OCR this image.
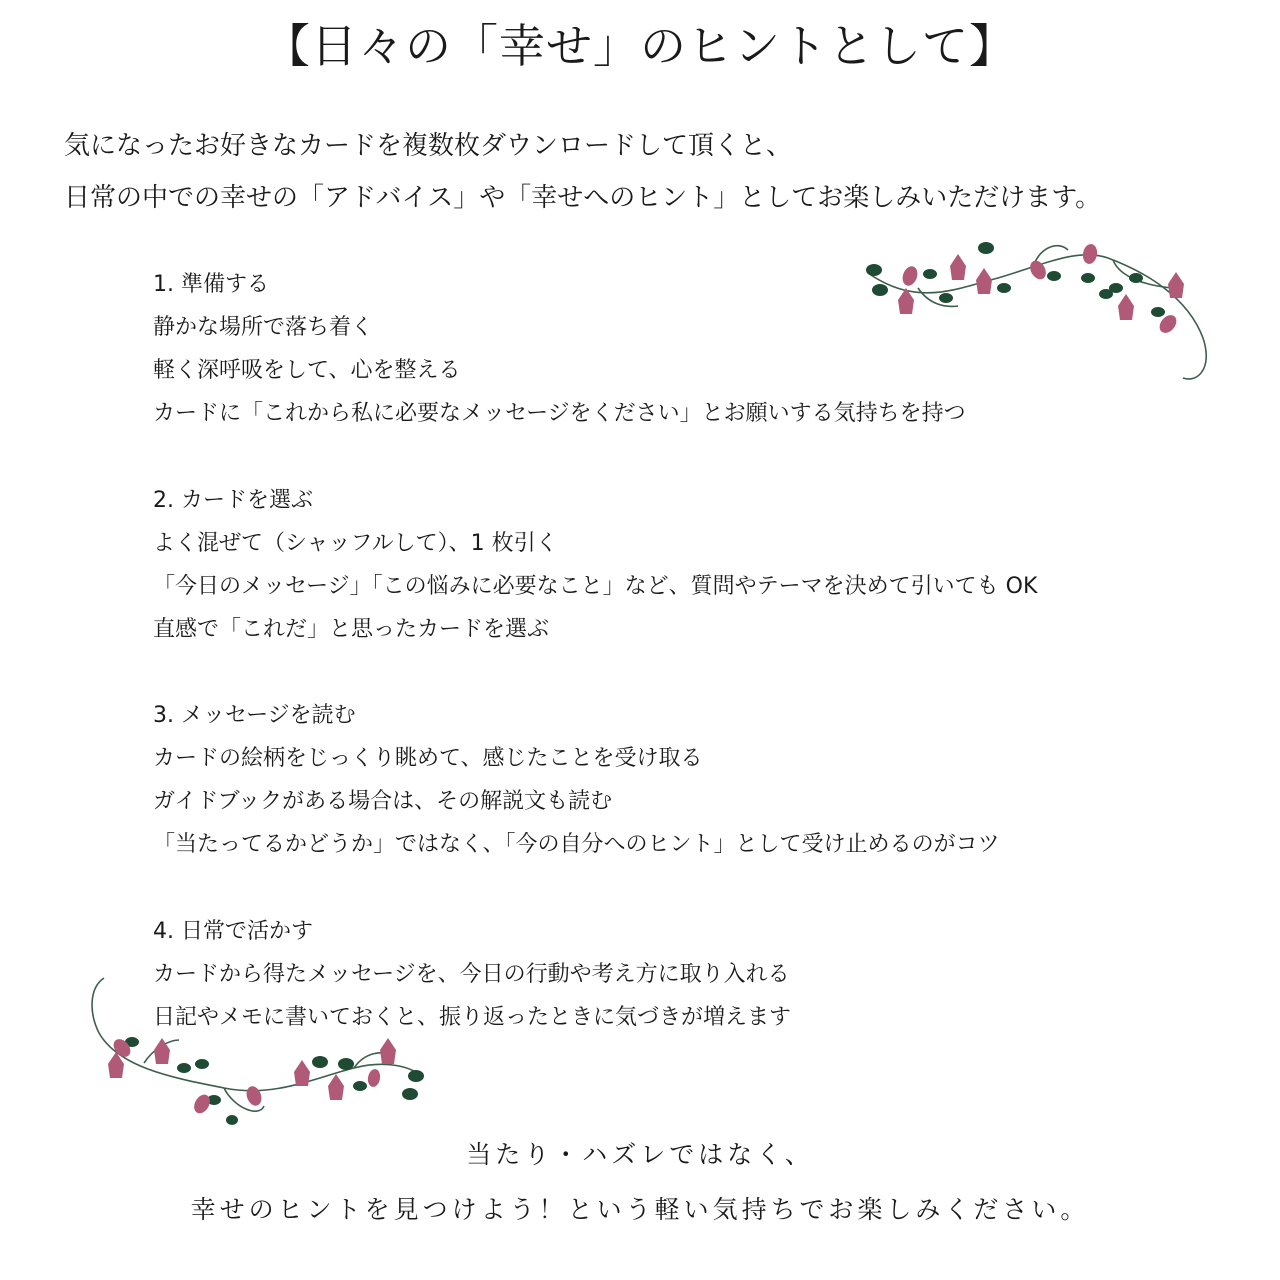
【日々の「幸せ」のヒントとして】
気になったお好きなカードを複数枚ダウンロードして頂くと、
日常の中での幸せの「アドバイス」や「幸せへのヒント」としてお楽しみいただけます。
1. 準備する
静かな場所で落ち着く
軽く深呼吸をして、心を整える
カードに「これから私に必要なメッセージをください」とお願いする気持ちを持つ
2. カードを選ぶ
よく混ぜて（シャッフルして）、1 枚引く
「今日のメッセージ」「この悩みに必要なこと」など、質問やテーマを決めて引いても OK
直感で「これだ」と思ったカードを選ぶ
3. メッセージを読む
カードの絵柄をじっくり眺めて、感じたことを受け取る
ガイドブックがある場合は、その解説文も読む
「当たってるかどうか」ではなく、「今の自分へのヒント」として受け止めるのがコツ
4. 日常で活かす
カードから得たメッセージを、今日の行動や考え方に取り入れる
日記やメモに書いておくと、振り返ったときに気づきが増えます
当たり・ハズレではなく、
幸せのヒントを見つけよう！という軽い気持ちでお楽しみください。
